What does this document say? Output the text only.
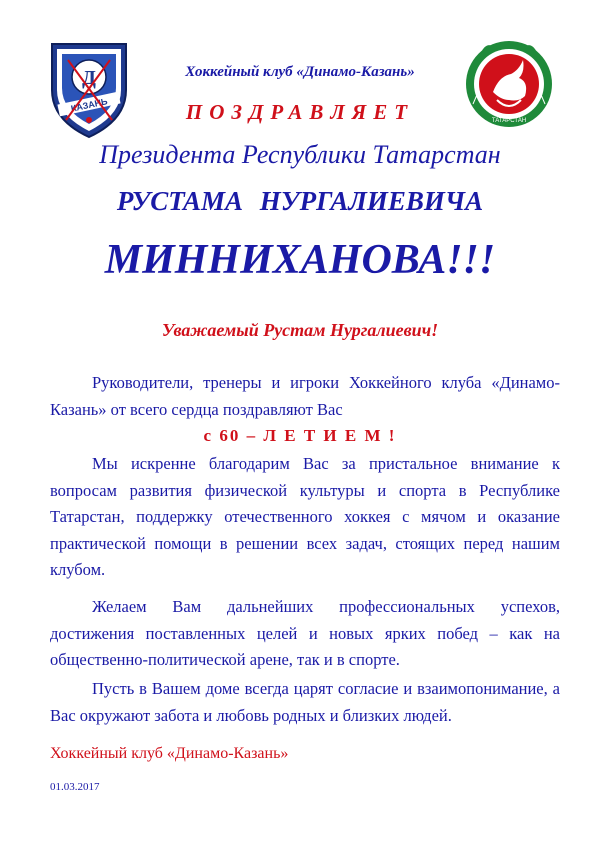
Д
КАЗАНЬ
ТАТАРСТАН
Хоккейный клуб «Динамо-Казань»
ПОЗДРАВЛЯЕТ
Президента Республики Татарстан
РУСТАМА НУРГАЛИЕВИЧА
МИННИХАНОВА!!!
Уважаемый Рустам Нургалиевич!

Руководители, тренеры и игроки Хоккейного клуба «Динамо-Казань» от всего сердца поздравляют Вас

с 60 – Л Е Т И Е М !

Мы искренне благодарим Вас за пристальное внимание к вопросам развития физической культуры и спорта в Республике Татарстан, поддержку отечественного хоккея с мячом и оказание практической помощи в решении всех задач, стоящих перед нашим клубом.

Желаем Вам дальнейших профессиональных успехов, достижения поставленных целей и новых ярких побед – как на общественно-политической арене, так и в спорте.

Пусть в Вашем доме всегда царят согласие и взаимопонимание, а Вас окружают забота и любовь родных и близких людей.

Хоккейный клуб «Динамо-Казань»
01.03.2017
